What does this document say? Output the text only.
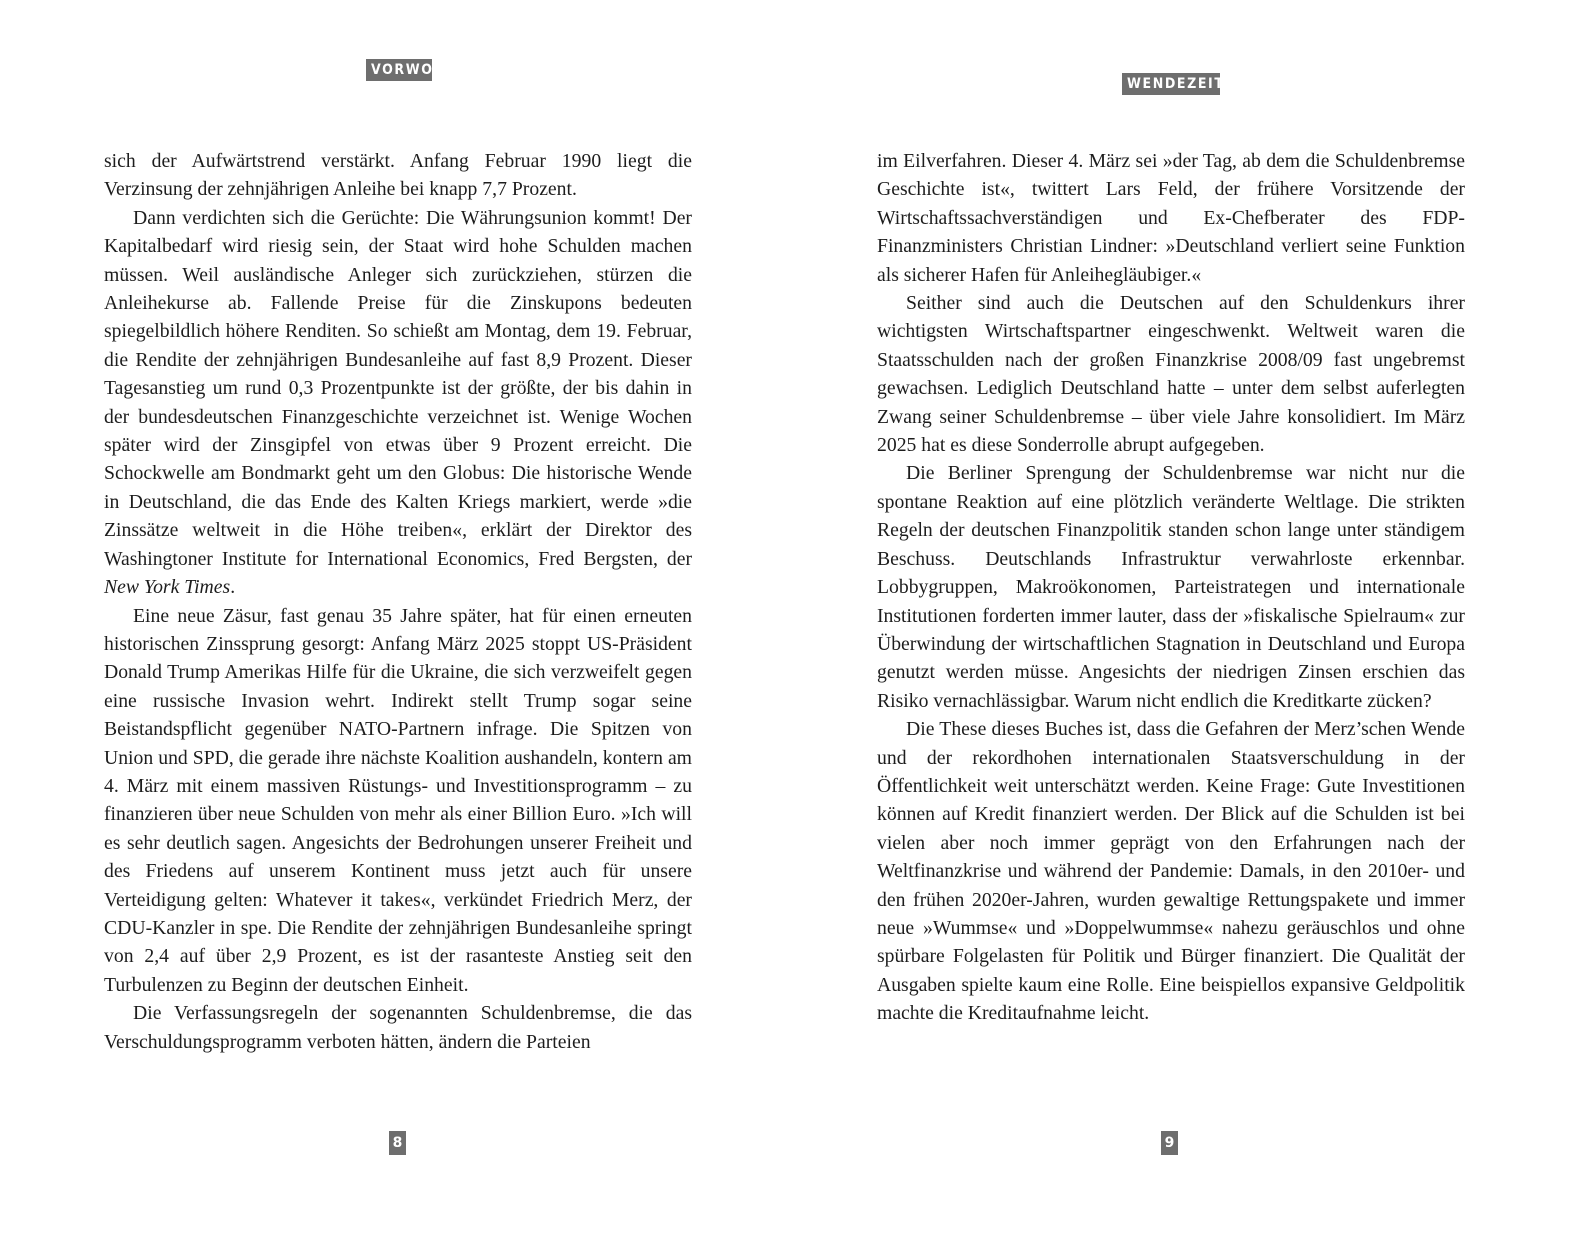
VORWORT

sich der Aufwärtstrend verstärkt. Anfang Februar 1990 liegt die Verzinsung der zehnjährigen Anleihe bei knapp 7,7 Prozent.

Dann verdichten sich die Gerüchte: Die Währungsunion kommt! Der Kapitalbedarf wird riesig sein, der Staat wird hohe Schulden machen müssen. Weil ausländische Anleger sich zurückziehen, stürzen die Anleihekurse ab. Fallende Preise für die Zinskupons bedeuten spiegelbildlich höhere Renditen. So schießt am Montag, dem 19. Februar, die Rendite der zehnjährigen Bundesanleihe auf fast 8,9 Prozent. Dieser Tagesanstieg um rund 0,3 Prozentpunkte ist der größte, der bis dahin in der bundesdeutschen Finanzgeschichte verzeichnet ist. Wenige Wochen später wird der Zinsgipfel von etwas über 9 Prozent erreicht. Die Schockwelle am Bondmarkt geht um den Globus: Die historische Wende in Deutschland, die das Ende des Kalten Kriegs markiert, werde »die Zinssätze weltweit in die Höhe treiben«, erklärt der Direktor des Washingtoner Institute for International Economics, Fred Bergsten, der New York Times.

Eine neue Zäsur, fast genau 35 Jahre später, hat für einen erneuten historischen Zinssprung gesorgt: Anfang März 2025 stoppt US-Präsident Donald Trump Amerikas Hilfe für die Ukraine, die sich verzweifelt gegen eine russische Invasion wehrt. Indirekt stellt Trump sogar seine Beistandspflicht gegenüber NATO-Partnern infrage. Die Spitzen von Union und SPD, die gerade ihre nächste Koalition aushandeln, kontern am 4. März mit einem massiven Rüstungs- und Investitionsprogramm – zu finanzieren über neue Schulden von mehr als einer Billion Euro. »Ich will es sehr deutlich sagen. Angesichts der Bedrohungen unserer Freiheit und des Friedens auf unserem Kontinent muss jetzt auch für unsere Verteidigung gelten: Whatever it takes«, verkündet Friedrich Merz, der CDU-Kanzler in spe. Die Rendite der zehnjährigen Bundesanleihe springt von 2,4 auf über 2,9 Prozent, es ist der rasanteste Anstieg seit den Turbulenzen zu Beginn der deutschen Einheit.

Die Verfassungsregeln der sogenannten Schuldenbremse, die das Verschuldungsprogramm verboten hätten, ändern die Parteien

8
WENDEZEITEN

im Eilverfahren. Dieser 4. März sei »der Tag, ab dem die Schuldenbremse Geschichte ist«, twittert Lars Feld, der frühere Vorsitzende der Wirtschaftssachverständigen und Ex-Chefberater des FDP-Finanzministers Christian Lindner: »Deutschland verliert seine Funktion als sicherer Hafen für Anleihegläubiger.«

Seither sind auch die Deutschen auf den Schuldenkurs ihrer wichtigsten Wirtschaftspartner eingeschwenkt. Weltweit waren die Staatsschulden nach der großen Finanzkrise 2008/09 fast ungebremst gewachsen. Lediglich Deutschland hatte – unter dem selbst auferlegten Zwang seiner Schuldenbremse – über viele Jahre konsolidiert. Im März 2025 hat es diese Sonderrolle abrupt aufgegeben.

Die Berliner Sprengung der Schuldenbremse war nicht nur die spontane Reaktion auf eine plötzlich veränderte Weltlage. Die strikten Regeln der deutschen Finanzpolitik standen schon lange unter ständigem Beschuss. Deutschlands Infrastruktur verwahrloste erkennbar. Lobbygruppen, Makroökonomen, Parteistrategen und internationale Institutionen forderten immer lauter, dass der »fiskalische Spielraum« zur Überwindung der wirtschaftlichen Stagnation in Deutschland und Europa genutzt werden müsse. Angesichts der niedrigen Zinsen erschien das Risiko vernachlässigbar. Warum nicht endlich die Kreditkarte zücken?

Die These dieses Buches ist, dass die Gefahren der Merz’schen Wende und der rekordhohen internationalen Staatsverschuldung in der Öffentlichkeit weit unterschätzt werden. Keine Frage: Gute Investitionen können auf Kredit finanziert werden. Der Blick auf die Schulden ist bei vielen aber noch immer geprägt von den Erfahrungen nach der Weltfinanzkrise und während der Pandemie: Damals, in den 2010er- und den frühen 2020er-Jahren, wurden gewaltige Rettungspakete und immer neue »Wummse« und »Doppelwummse« nahezu geräuschlos und ohne spürbare Folgelasten für Politik und Bürger finanziert. Die Qualität der Ausgaben spielte kaum eine Rolle. Eine beispiellos expansive Geldpolitik machte die Kreditaufnahme leicht.

9
